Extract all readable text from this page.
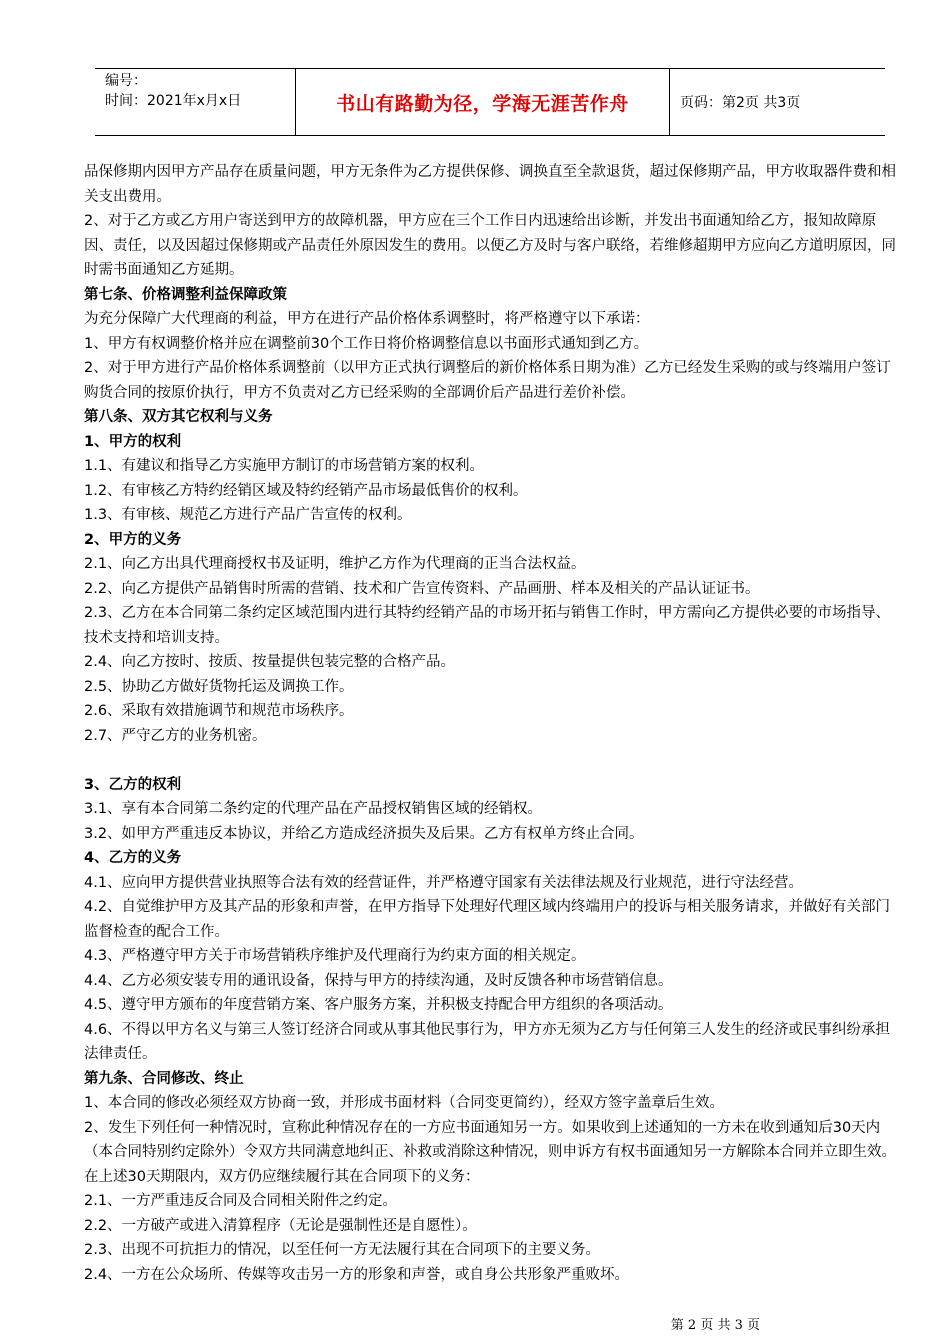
编号：
时间：2021年x月x日	书山有路勤为径，学海无涯苦作舟	页码：第2页 共3页

品保修期内因甲方产品存在质量问题，甲方无条件为乙方提供保修、调换直至全款退货，超过保修期产品，甲方收取器件费和相关支出费用。

2、对于乙方或乙方用户寄送到甲方的故障机器，甲方应在三个工作日内迅速给出诊断，并发出书面通知给乙方，报知故障原因、责任，以及因超过保修期或产品责任外原因发生的费用。以便乙方及时与客户联络，若维修超期甲方应向乙方道明原因，同时需书面通知乙方延期。

第七条、价格调整利益保障政策

为充分保障广大代理商的利益，甲方在进行产品价格体系调整时，将严格遵守以下承诺：

1、甲方有权调整价格并应在调整前30个工作日将价格调整信息以书面形式通知到乙方。

2、对于甲方进行产品价格体系调整前（以甲方正式执行调整后的新价格体系日期为准）乙方已经发生采购的或与终端用户签订购货合同的按原价执行，甲方不负责对乙方已经采购的全部调价后产品进行差价补偿。

第八条、双方其它权利与义务

1、甲方的权利

1.1、有建议和指导乙方实施甲方制订的市场营销方案的权利。

1.2、有审核乙方特约经销区域及特约经销产品市场最低售价的权利。

1.3、有审核、规范乙方进行产品广告宣传的权利。

2、甲方的义务

2.1、向乙方出具代理商授权书及证明，维护乙方作为代理商的正当合法权益。

2.2、向乙方提供产品销售时所需的营销、技术和广告宣传资料、产品画册、样本及相关的产品认证证书。

2.3、乙方在本合同第二条约定区域范围内进行其特约经销产品的市场开拓与销售工作时，甲方需向乙方提供必要的市场指导、技术支持和培训支持。

2.4、向乙方按时、按质、按量提供包装完整的合格产品。

2.5、协助乙方做好货物托运及调换工作。

2.6、采取有效措施调节和规范市场秩序。

2.7、严守乙方的业务机密。

3、乙方的权利

3.1、享有本合同第二条约定的代理产品在产品授权销售区域的经销权。

3.2、如甲方严重违反本协议，并给乙方造成经济损失及后果。乙方有权单方终止合同。

4、乙方的义务

4.1、应向甲方提供营业执照等合法有效的经营证件，并严格遵守国家有关法律法规及行业规范，进行守法经营。

4.2、自觉维护甲方及其产品的形象和声誉，在甲方指导下处理好代理区域内终端用户的投诉与相关服务请求，并做好有关部门监督检查的配合工作。

4.3、严格遵守甲方关于市场营销秩序维护及代理商行为约束方面的相关规定。

4.4、乙方必须安装专用的通讯设备，保持与甲方的持续沟通，及时反馈各种市场营销信息。

4.5、遵守甲方颁布的年度营销方案、客户服务方案，并积极支持配合甲方组织的各项活动。

4.6、不得以甲方名义与第三人签订经济合同或从事其他民事行为，甲方亦无须为乙方与任何第三人发生的经济或民事纠纷承担法律责任。

第九条、合同修改、终止

1、本合同的修改必须经双方协商一致，并形成书面材料（合同变更简约），经双方签字盖章后生效。

2、发生下列任何一种情况时，宣称此种情况存在的一方应书面通知另一方。如果收到上述通知的一方未在收到通知后30天内（本合同特别约定除外）令双方共同满意地纠正、补救或消除这种情况，则申诉方有权书面通知另一方解除本合同并立即生效。在上述30天期限内，双方仍应继续履行其在合同项下的义务：

2.1、一方严重违反合同及合同相关附件之约定。

2.2、一方破产或进入清算程序（无论是强制性还是自愿性）。

2.3、出现不可抗拒力的情况，以至任何一方无法履行其在合同项下的主要义务。

2.4、一方在公众场所、传媒等攻击另一方的形象和声誉，或自身公共形象严重败坏。

第 2 页 共 3 页
